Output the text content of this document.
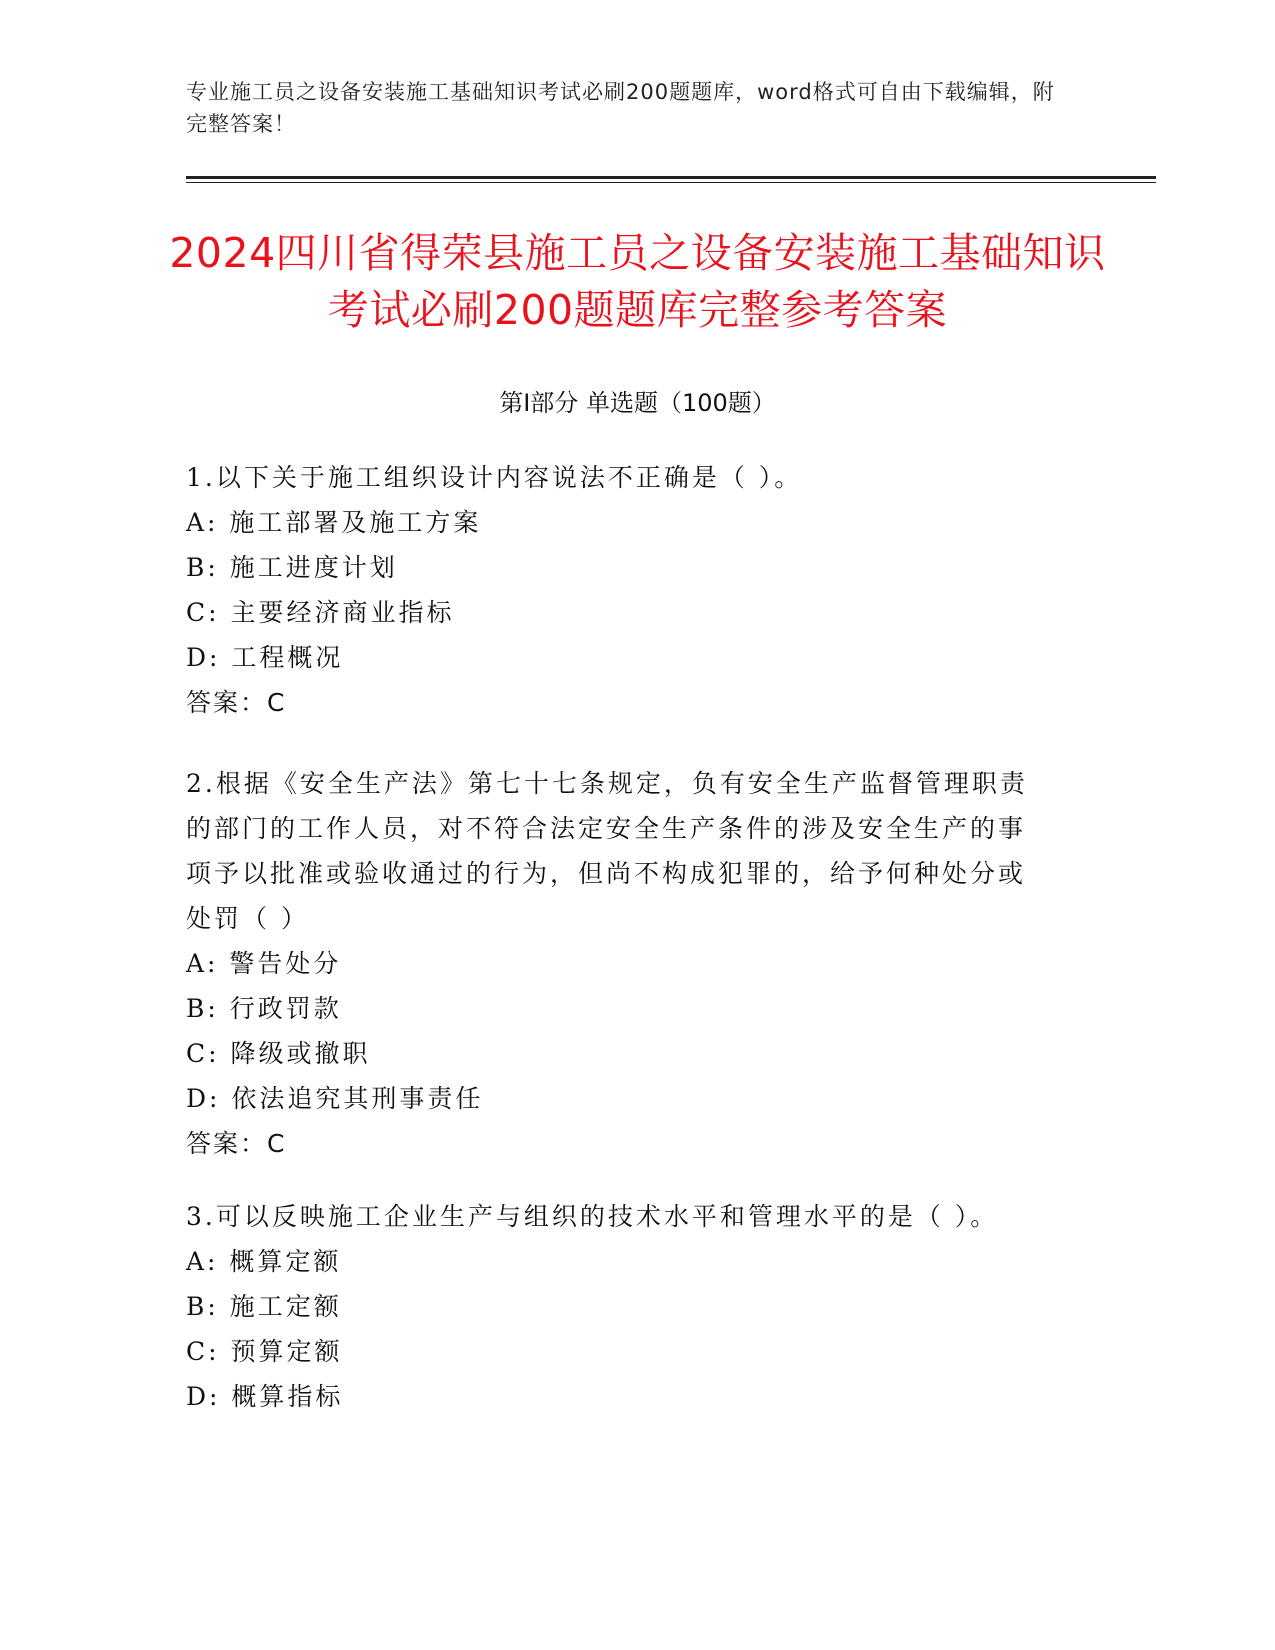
专业施工员之设备安装施工基础知识考试必刷200题题库，word格式可自由下载编辑，附完整答案！
2024四川省得荣县施工员之设备安装施工基础知识考试必刷200题题库完整参考答案
第Ⅰ部分 单选题（100题）
1.以下关于施工组织设计内容说法不正确是（ ）。
A: 施工部署及施工方案
B: 施工进度计划
C: 主要经济商业指标
D: 工程概况
答案：C
2.根据《安全生产法》第七十七条规定，负有安全生产监督管理职责的部门的工作人员，对不符合法定安全生产条件的涉及安全生产的事项予以批准或验收通过的行为，但尚不构成犯罪的，给予何种处分或处罚（ ）
A: 警告处分
B: 行政罚款
C: 降级或撤职
D: 依法追究其刑事责任
答案：C
3.可以反映施工企业生产与组织的技术水平和管理水平的是（ ）。
A: 概算定额
B: 施工定额
C: 预算定额
D: 概算指标
